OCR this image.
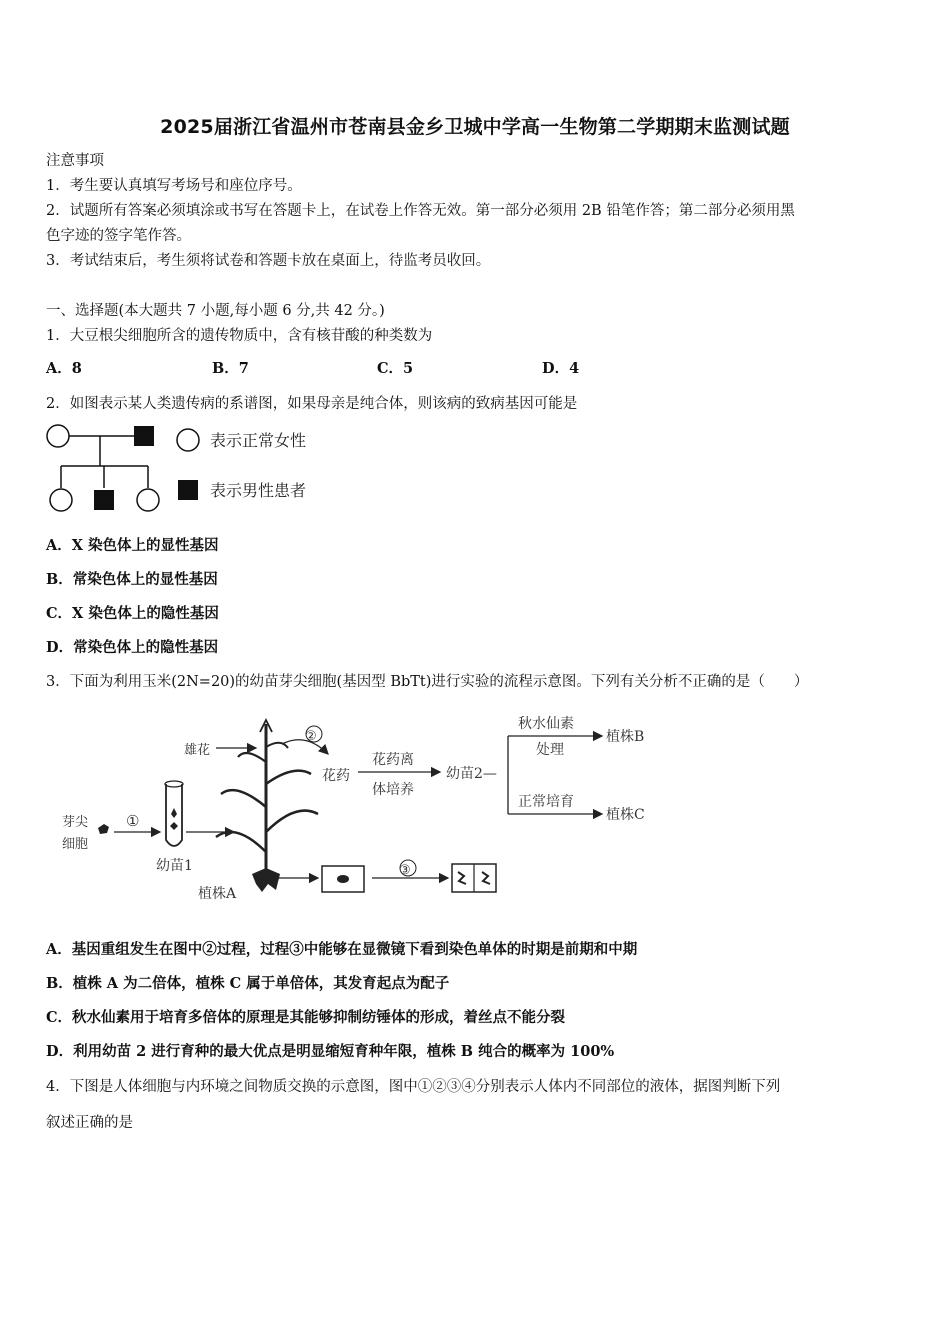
2025届浙江省温州市苍南县金乡卫城中学高一生物第二学期期末监测试题
注意事项
1．考生要认真填写考场号和座位序号。
2．试题所有答案必须填涂或书写在答题卡上，在试卷上作答无效。第一部分必须用 2B 铅笔作答；第二部分必须用黑
色字迹的签字笔作答。
3．考试结束后，考生须将试卷和答题卡放在桌面上，待监考员收回。
一、选择题(本大题共 7 小题,每小题 6 分,共 42 分。)
1．大豆根尖细胞所含的遗传物质中，含有核苷酸的种类数为
A．8	B．7	C．5	D．4
2．如图表示某人类遗传病的系谱图，如果母亲是纯合体，则该病的致病基因可能是
表示正常女性
表示男性患者
A．X 染色体上的显性基因
B．常染色体上的显性基因
C．X 染色体上的隐性基因
D．常染色体上的隐性基因
3．下面为利用玉米(2N=20)的幼苗芽尖细胞(基因型 BbTt)进行实验的流程示意图。下列有关分析不正确的是（　　）
芽尖
细胞
①
幼苗1
雄花
植株A
②
花药
花药离
体培养
幼苗2—
秋水仙素
处理
植株B
正常培育
植株C
③
A．基因重组发生在图中②过程，过程③中能够在显微镜下看到染色单体的时期是前期和中期
B．植株 A 为二倍体，植株 C 属于单倍体，其发育起点为配子
C．秋水仙素用于培育多倍体的原理是其能够抑制纺锤体的形成，着丝点不能分裂
D．利用幼苗 2 进行育种的最大优点是明显缩短育种年限，植株 B 纯合的概率为 100%
4．下图是人体细胞与内环境之间物质交换的示意图，图中①②③④分别表示人体内不同部位的液体，据图判断下列
叙述正确的是
